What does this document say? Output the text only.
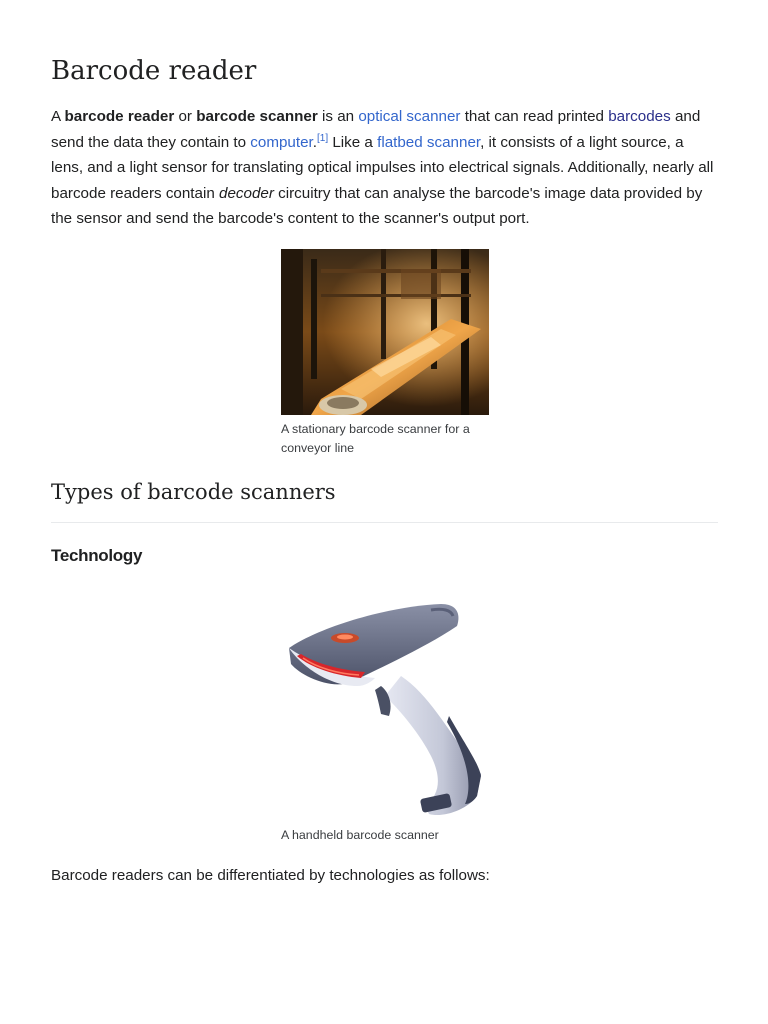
Barcode reader

A barcode reader or barcode scanner is an optical scanner that can read printed barcodes and send the data they contain to computer.[1] Like a flatbed scanner, it consists of a light source, a lens, and a light sensor for translating optical impulses into electrical signals. Additionally, nearly all barcode readers contain decoder circuitry that can analyse the barcode's image data provided by the sensor and send the barcode's content to the scanner's output port.

A stationary barcode scanner for a conveyor line
Types of barcode scanners
Technology
A handheld barcode scanner

Barcode readers can be differentiated by technologies as follows:
